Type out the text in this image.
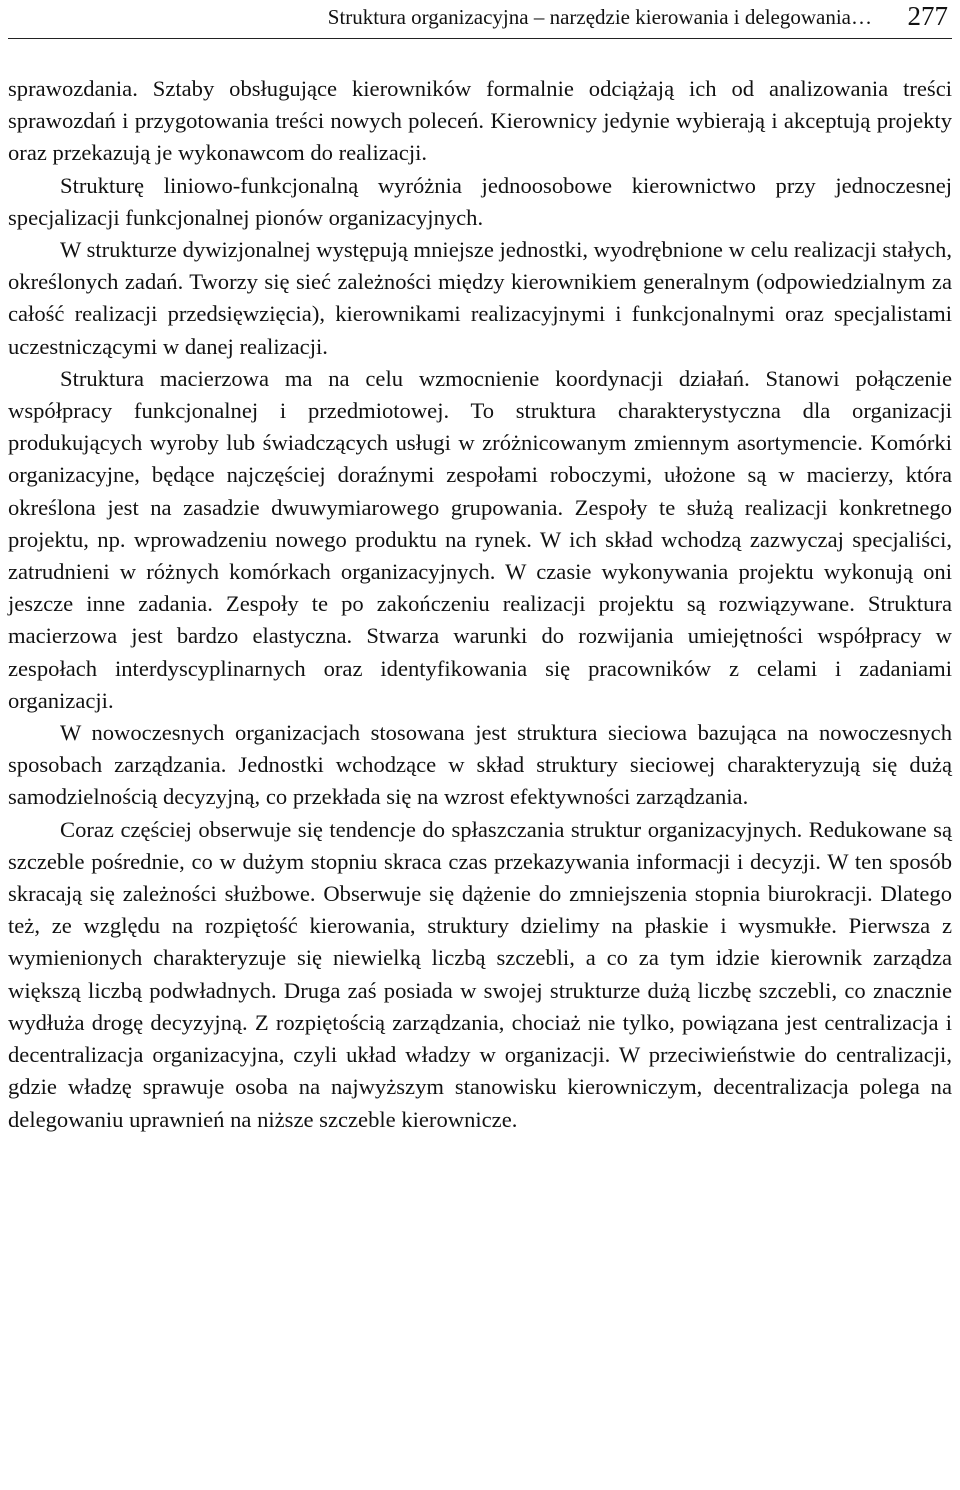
Struktura organizacyjna – narzędzie kierowania i delegowania… 277

sprawozdania. Sztaby obsługujące kierowników formalnie odciążają ich od analizowania treści sprawozdań i przygotowania treści nowych poleceń. Kierownicy jedynie wybierają i akceptują projekty oraz przekazują je wykonawcom do realizacji.

Strukturę liniowo-funkcjonalną wyróżnia jednoosobowe kierownictwo przy jednoczesnej specjalizacji funkcjonalnej pionów organizacyjnych.

W strukturze dywizjonalnej występują mniejsze jednostki, wyodrębnione w celu realizacji stałych, określonych zadań. Tworzy się sieć zależności między kierownikiem generalnym (odpowiedzialnym za całość realizacji przedsięwzięcia), kierownikami realizacyjnymi i funkcjonalnymi oraz specjalistami uczestniczącymi w danej realizacji.

Struktura macierzowa ma na celu wzmocnienie koordynacji działań. Stanowi połączenie współpracy funkcjonalnej i przedmiotowej. To struktura charakterystyczna dla organizacji produkujących wyroby lub świadczących usługi w zróżnicowanym zmiennym asortymencie. Komórki organizacyjne, będące najczęściej doraźnymi zespołami roboczymi, ułożone są w macierzy, która określona jest na zasadzie dwuwymiarowego grupowania. Zespoły te służą realizacji konkretnego projektu, np. wprowadzeniu nowego produktu na rynek. W ich skład wchodzą zazwyczaj specjaliści, zatrudnieni w różnych komórkach organizacyjnych. W czasie wykonywania projektu wykonują oni jeszcze inne zadania. Zespoły te po zakończeniu realizacji projektu są rozwiązywane. Struktura macierzowa jest bardzo elastyczna. Stwarza warunki do rozwijania umiejętności współpracy w zespołach interdyscyplinarnych oraz identyfikowania się pracowników z celami i zadaniami organizacji.

W nowoczesnych organizacjach stosowana jest struktura sieciowa bazująca na nowoczesnych sposobach zarządzania. Jednostki wchodzące w skład struktury sieciowej charakteryzują się dużą samodzielnością decyzyjną, co przekłada się na wzrost efektywności zarządzania.

Coraz częściej obserwuje się tendencje do spłaszczania struktur organizacyjnych. Redukowane są szczeble pośrednie, co w dużym stopniu skraca czas przekazywania informacji i decyzji. W ten sposób skracają się zależności służbowe. Obserwuje się dążenie do zmniejszenia stopnia biurokracji. Dlatego też, ze względu na rozpiętość kierowania, struktury dzielimy na płaskie i wysmukłe. Pierwsza z wymienionych charakteryzuje się niewielką liczbą szczebli, a co za tym idzie kierownik zarządza większą liczbą podwładnych. Druga zaś posiada w swojej strukturze dużą liczbę szczebli, co znacznie wydłuża drogę decyzyjną. Z rozpiętością zarządzania, chociaż nie tylko, powiązana jest centralizacja i decentralizacja organizacyjna, czyli układ władzy w organizacji. W przeciwieństwie do centralizacji, gdzie władzę sprawuje osoba na najwyższym stanowisku kierowniczym, decentralizacja polega na delegowaniu uprawnień na niższe szczeble kierownicze.
